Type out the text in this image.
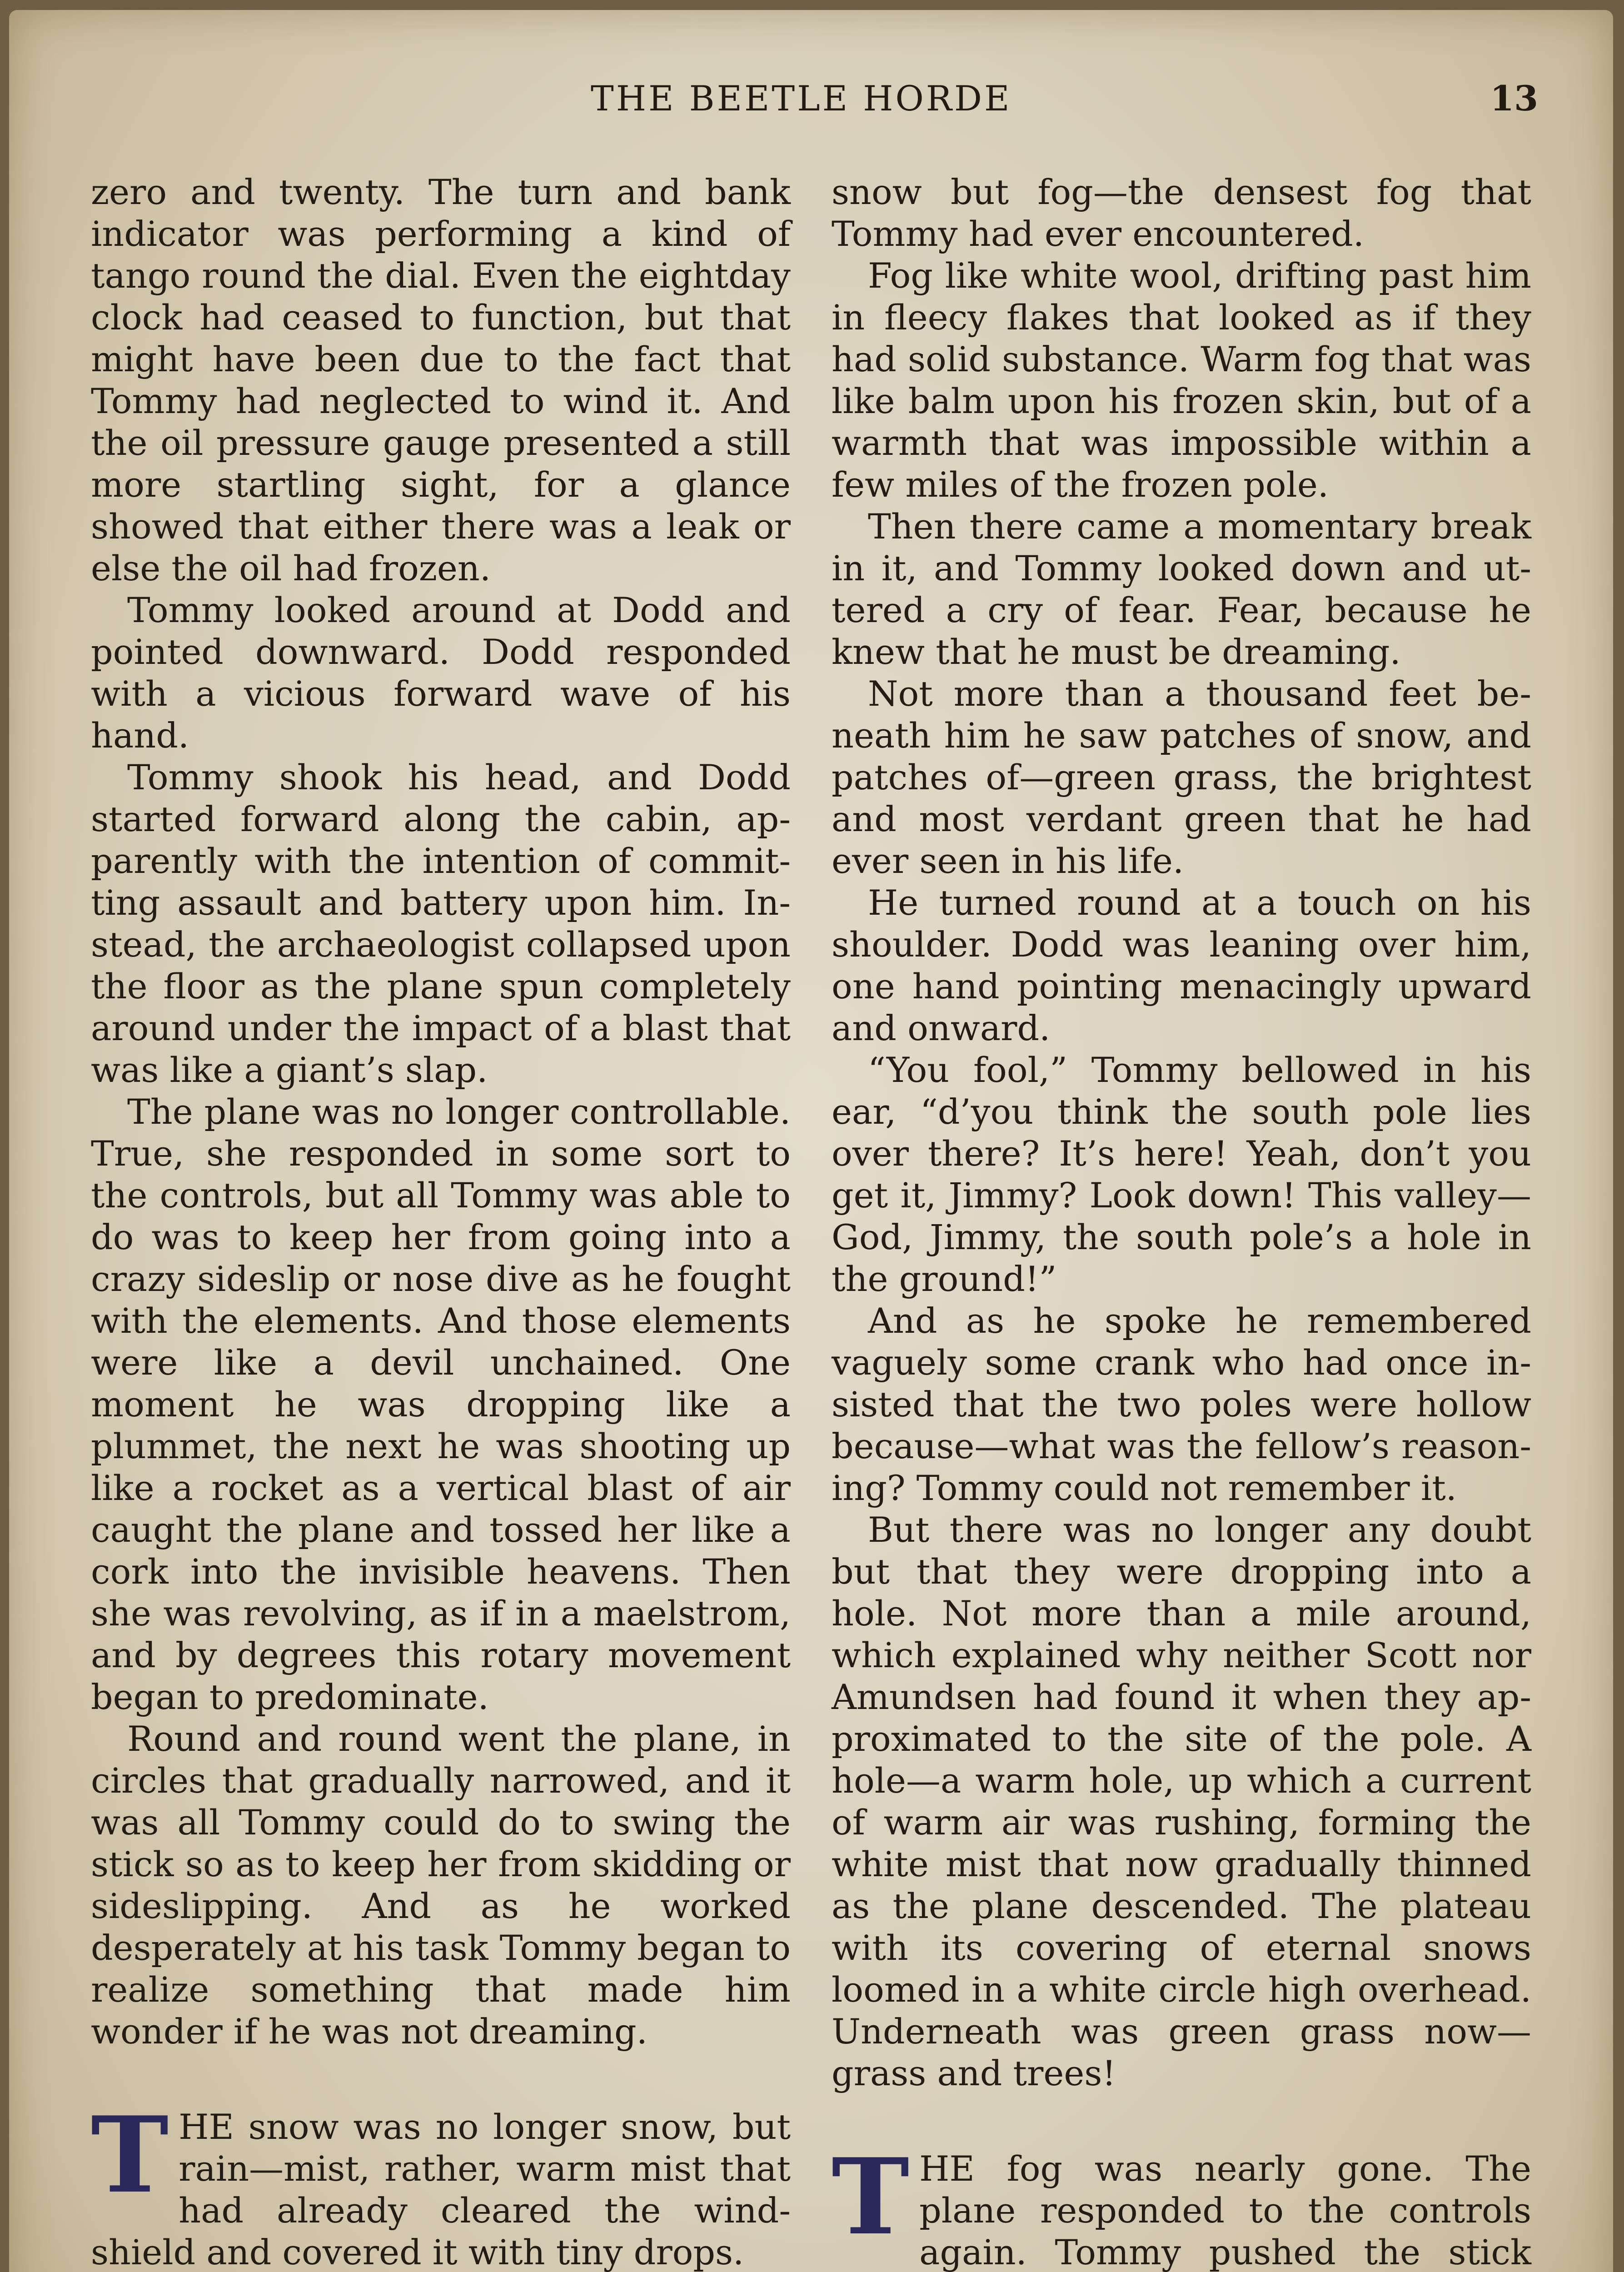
THE BEETLE HORDE	13

zero and twenty. The turn and bank indicator was performing a kind of tango round the dial. Even the eightday clock had ceased to function, but that might have been due to the fact that Tommy had neglected to wind it. And the oil pressure gauge presented a still more startling sight, for a glance showed that either there was a leak or else the oil had frozen.

Tommy looked around at Dodd and pointed downward. Dodd responded with a vicious forward wave of his hand.

Tommy shook his head, and Dodd started forward along the cabin, apparently with the intention of committing assault and battery upon him. Instead, the archaeologist collapsed upon the floor as the plane spun completely around under the impact of a blast that was like a giant’s slap.

The plane was no longer controllable. True, she responded in some sort to the controls, but all Tommy was able to do was to keep her from going into a crazy sideslip or nose dive as he fought with the elements. And those elements were like a devil unchained. One moment he was dropping like a plummet, the next he was shooting up like a rocket as a vertical blast of air caught the plane and tossed her like a cork into the invisible heavens. Then she was revolving, as if in a maelstrom, and by degrees this rotary movement began to predominate.

Round and round went the plane, in circles that gradually narrowed, and it was all Tommy could do to swing the stick so as to keep her from skidding or sideslipping. And as he worked desperately at his task Tommy began to realize something that made him wonder if he was not dreaming.

THE snow was no longer snow, but rain—mist, rather, warm mist that had already cleared the windshield and covered it with tiny drops.

snow but fog—the densest fog that Tommy had ever encountered.

Fog like white wool, drifting past him in fleecy flakes that looked as if they had solid substance. Warm fog that was like balm upon his frozen skin, but of a warmth that was impossible within a few miles of the frozen pole.

Then there came a momentary break in it, and Tommy looked down and uttered a cry of fear. Fear, because he knew that he must be dreaming.

Not more than a thousand feet beneath him he saw patches of snow, and patches of—green grass, the brightest and most verdant green that he had ever seen in his life.

He turned round at a touch on his shoulder. Dodd was leaning over him, one hand pointing menacingly upward and onward.

“You fool,” Tommy bellowed in his ear, “d’you think the south pole lies over there? It’s here! Yeah, don’t you get it, Jimmy? Look down! This valley— God, Jimmy, the south pole’s a hole in the ground!”

And as he spoke he remembered vaguely some crank who had once insisted that the two poles were hollow because—what was the fellow’s reasoning? Tommy could not remember it.

But there was no longer any doubt but that they were dropping into a hole. Not more than a mile around, which explained why neither Scott nor Amundsen had found it when they approximated to the site of the pole. A hole—a warm hole, up which a current of warm air was rushing, forming the white mist that now gradually thinned as the plane descended. The plateau with its covering of eternal snows loomed in a white circle high overhead. Underneath was green grass now—grass and trees!

THE fog was nearly gone. The plane responded to the controls again. Tommy pushed the stick
